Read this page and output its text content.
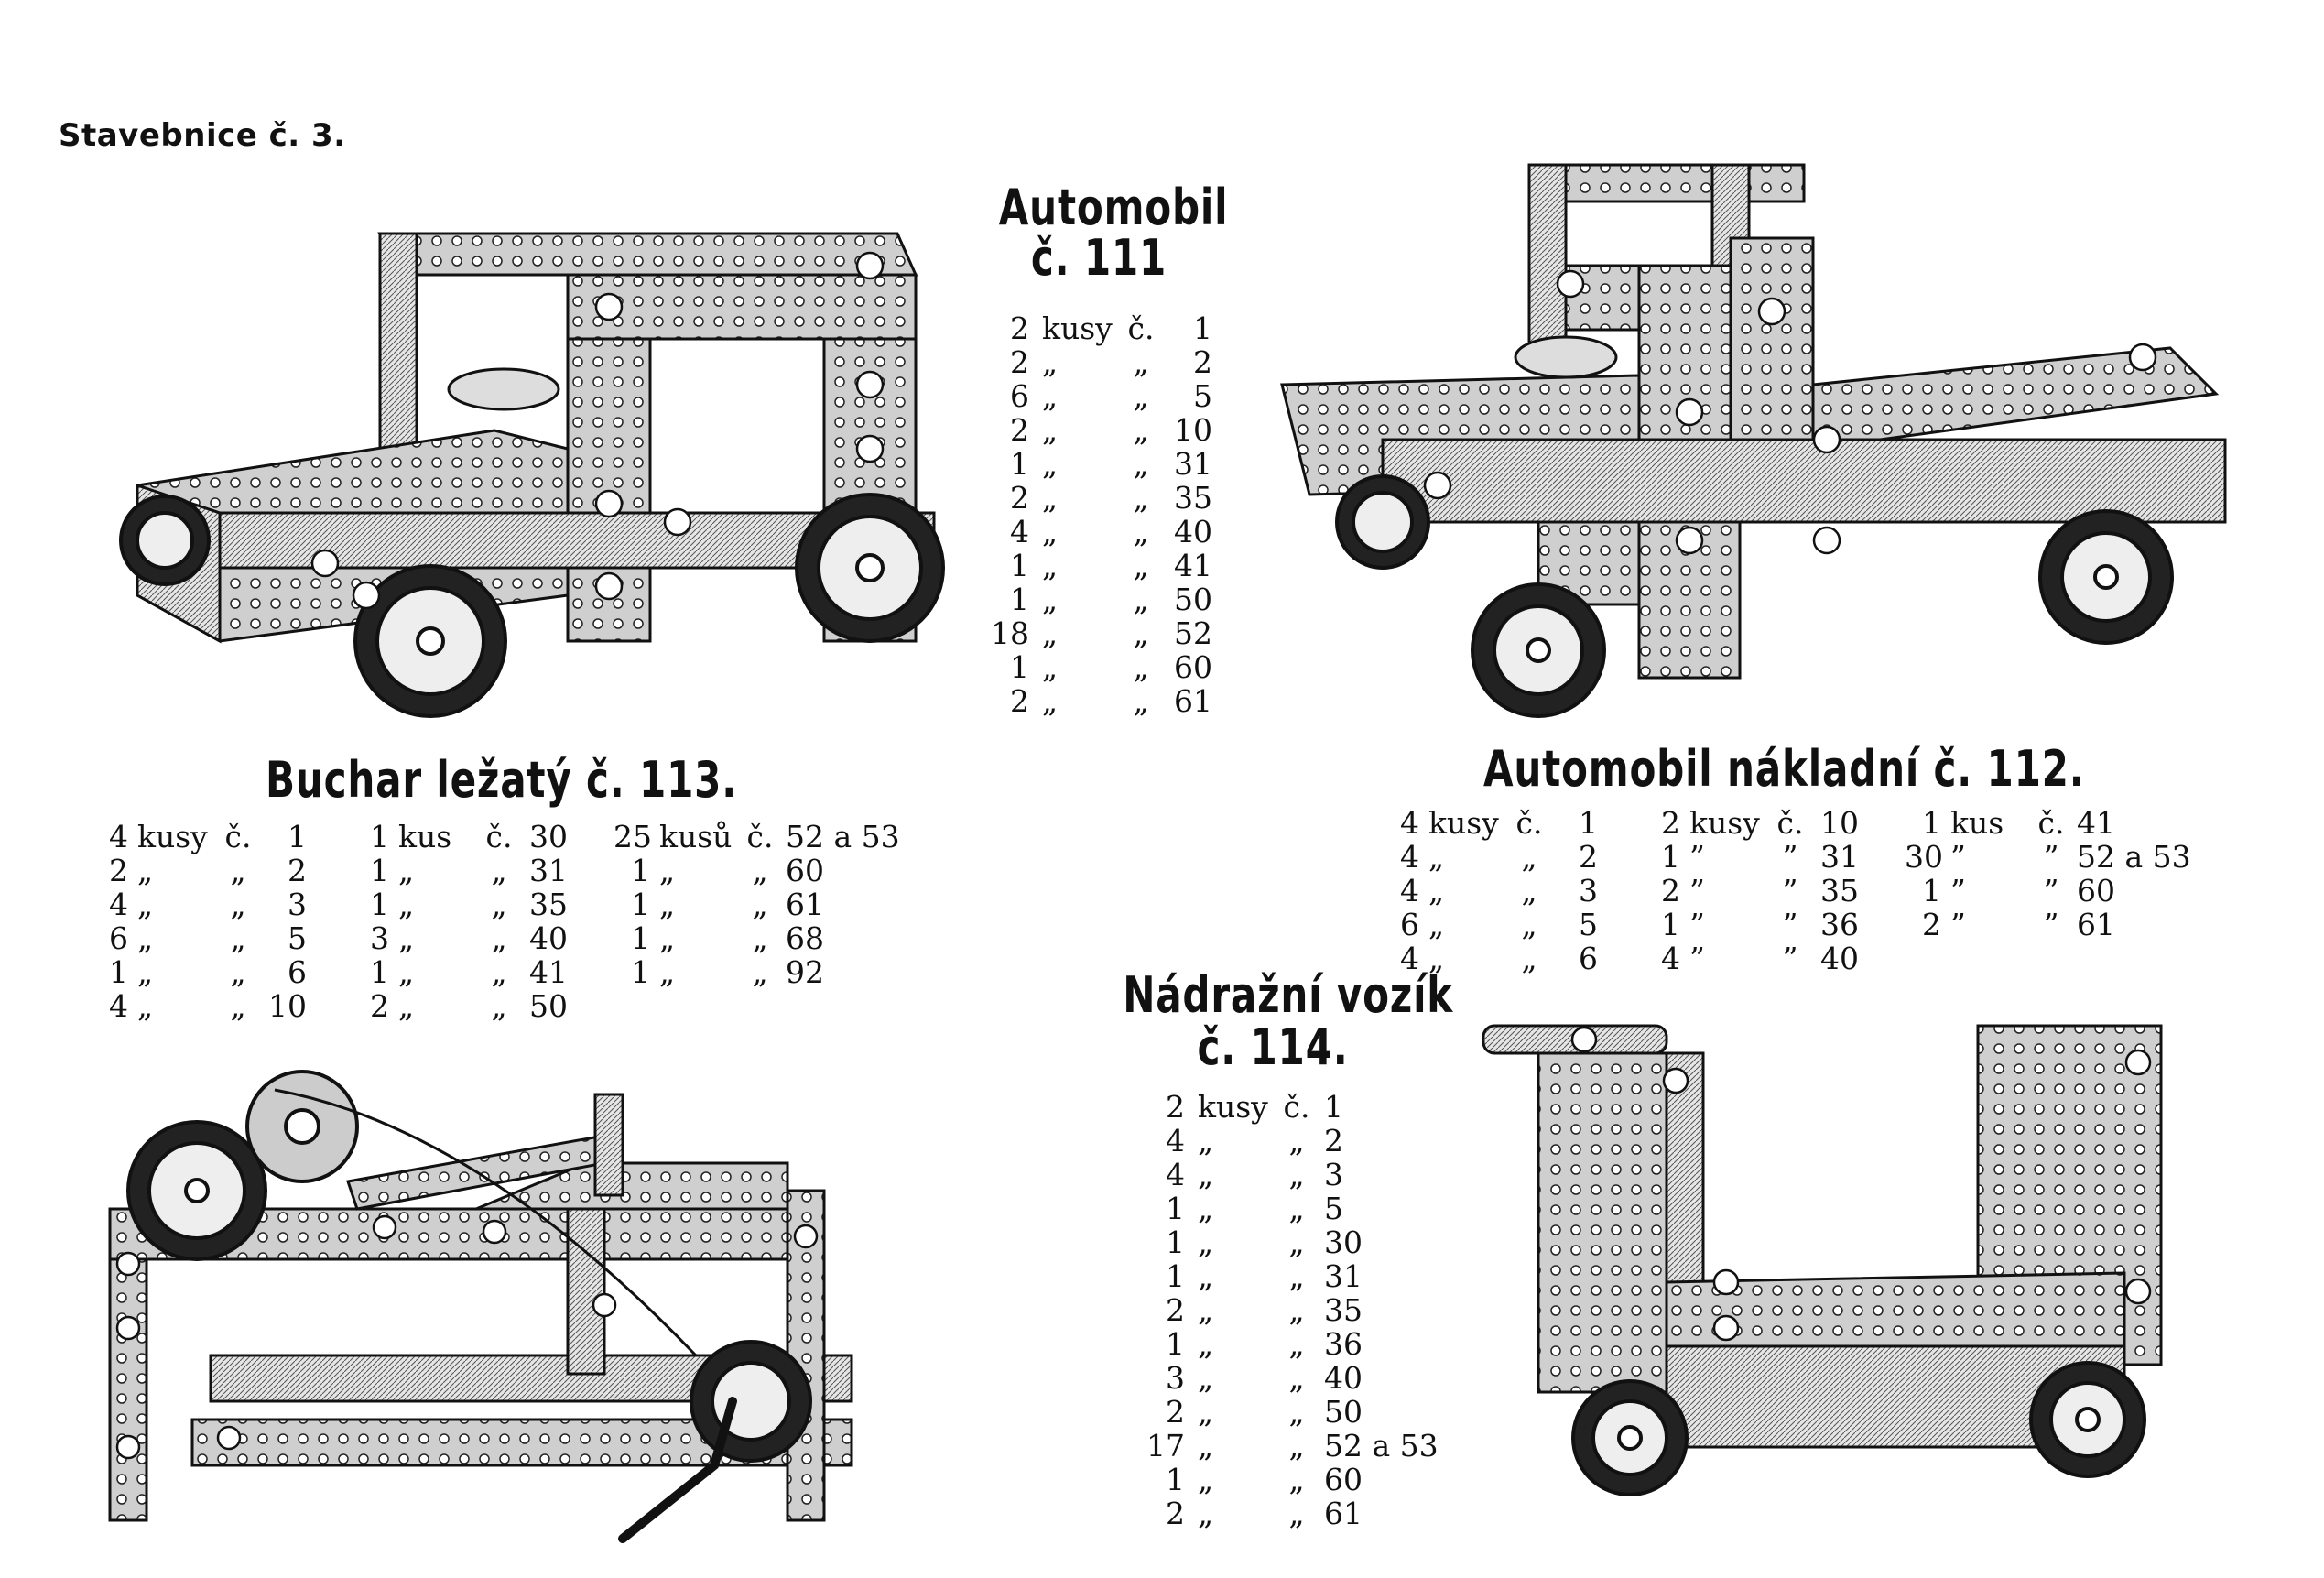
Stavebnice č. 3.
Automobil
č. 111
2 kusy č.	1
2 „	„	2
6 „	„	5
2 „	„ 10
1 „	„ 31
2 „	„ 35
4 „	„ 40
1 „	„ 41
1 „	„ 50
18 „	„ 52
1 „	„ 60
2 „	„ 61
Buchar ležatý č. 113.
4 kusy č.	1
2 „	„	2
4 „	„	3
6 „	„	5
1 „	„	6
4 „	„ 10
1 kus	č. 30
1 „	„ 31
1 „	„ 35
3 „	„ 40
1 „	„ 41
2 „	„ 50
25 kusů č. 52 a 53
1 „	„ 60
1 „	„ 61
1 „	„ 68
1 „	„ 92
Automobil nákladní č. 112.
4 kusy č.	1
4 „	„	2
4 „	„	3
6 „	„	5
4 „	„	6
2 kusy č. 10
1 ”	” 31
2 ”	” 35
1 ”	” 36
4 ”	” 40
1 kus	č. 41
30 ”	” 52 a 53
1 ”	” 60
2 ”	” 61
Nádražní vozík
č. 114.
2 kusy č. 1
4 „	„ 2
4 „	„ 3
1 „	„ 5
1 „	„ 30
1 „	„ 31
2 „	„ 35
1 „	„ 36
3 „	„ 40
2 „	„ 50
17 „	„ 52 a 53
1 „	„ 60
2 „	„ 61
